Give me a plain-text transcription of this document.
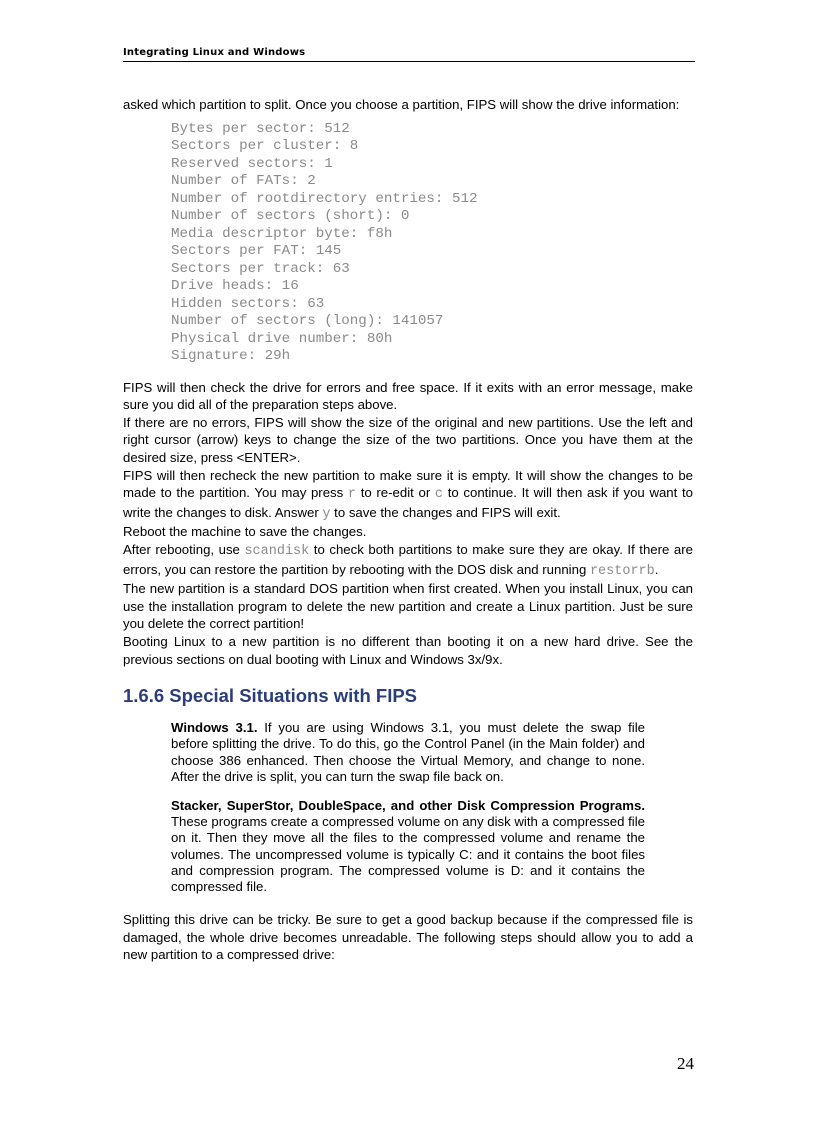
Integrating Linux and Windows

asked which partition to split. Once you choose a partition, FIPS will show the drive information:

Bytes per sector: 512
Sectors per cluster: 8
Reserved sectors: 1
Number of FATs: 2
Number of rootdirectory entries: 512
Number of sectors (short): 0
Media descriptor byte: f8h
Sectors per FAT: 145
Sectors per track: 63
Drive heads: 16
Hidden sectors: 63
Number of sectors (long): 141057
Physical drive number: 80h
Signature: 29h

FIPS will then check the drive for errors and free space. If it exits with an error message, make sure you did all of the preparation steps above.

If there are no errors, FIPS will show the size of the original and new partitions. Use the left and right cursor (arrow) keys to change the size of the two partitions. Once you have them at the desired size, press <ENTER>.

FIPS will then recheck the new partition to make sure it is empty. It will show the changes to be made to the partition. You may press r to re-edit or c to continue. It will then ask if you want to write the changes to disk. Answer y to save the changes and FIPS will exit.

Reboot the machine to save the changes.

After rebooting, use scandisk to check both partitions to make sure they are okay. If there are errors, you can restore the partition by rebooting with the DOS disk and running restorrb.

The new partition is a standard DOS partition when first created. When you install Linux, you can use the installation program to delete the new partition and create a Linux partition. Just be sure you delete the correct partition!

Booting Linux to a new partition is no different than booting it on a new hard drive. See the previous sections on dual booting with Linux and Windows 3x/9x.

1.6.6 Special Situations with FIPS

Windows 3.1. If you are using Windows 3.1, you must delete the swap file before splitting the drive. To do this, go the Control Panel (in the Main folder) and choose 386 enhanced. Then choose the Virtual Memory, and change to none. After the drive is split, you can turn the swap file back on.

Stacker, SuperStor, DoubleSpace, and other Disk Compression Programs. These programs create a compressed volume on any disk with a compressed file on it. Then they move all the files to the compressed volume and rename the volumes. The uncompressed volume is typically C: and it contains the boot files and compression program. The compressed volume is D: and it contains the compressed file.

Splitting this drive can be tricky. Be sure to get a good backup because if the compressed file is damaged, the whole drive becomes unreadable. The following steps should allow you to add a new partition to a compressed drive:

24
